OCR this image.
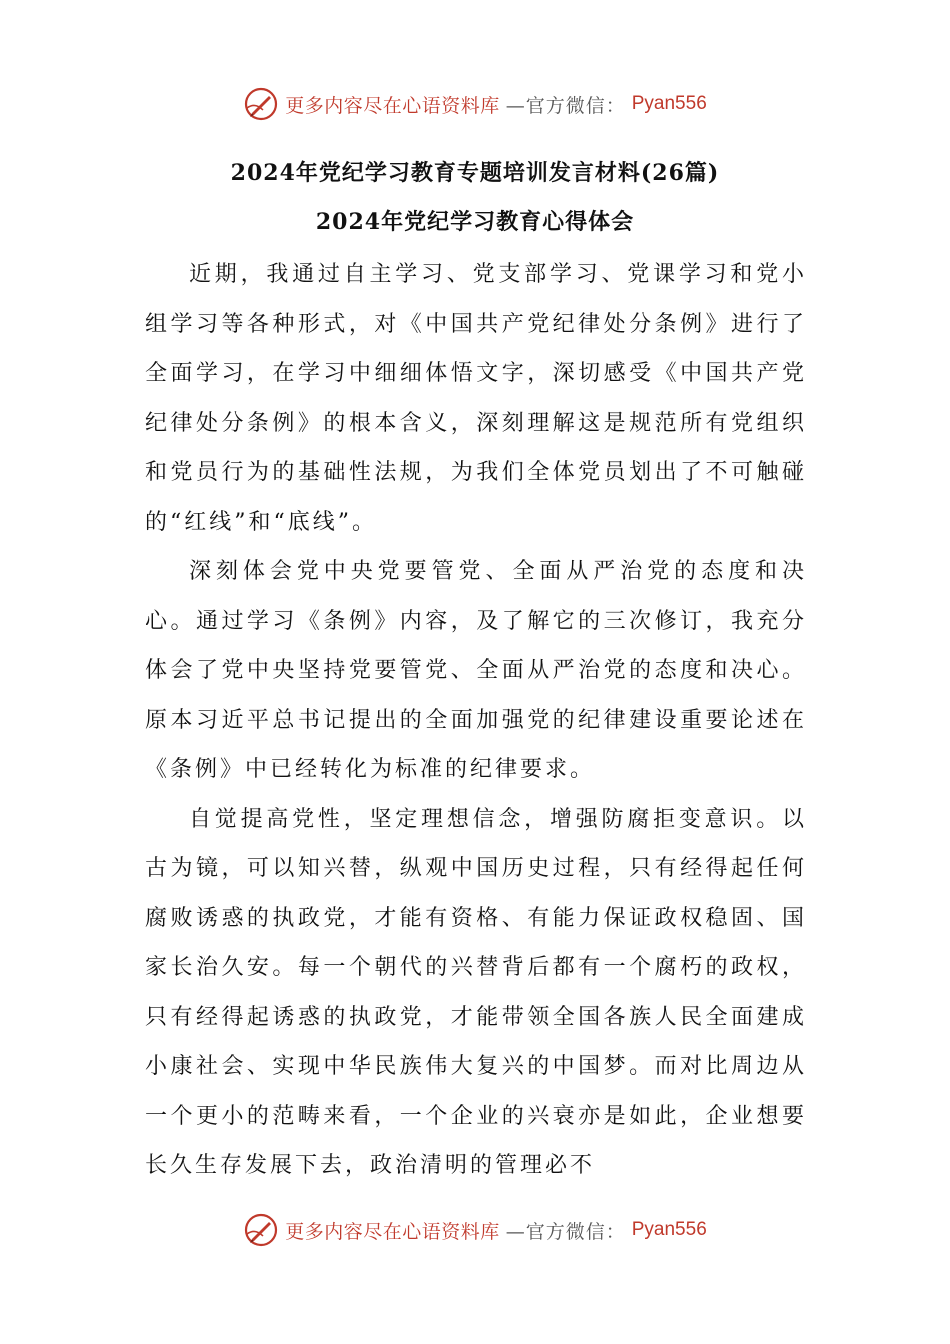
更多内容尽在心语资料库 —官方微信： Pyan556
2024年党纪学习教育专题培训发言材料(26篇)
2024年党纪学习教育心得体会

近期，我通过自主学习、党支部学习、党课学习和党小组学习等各种形式，对《中国共产党纪律处分条例》进行了全面学习，在学习中细细体悟文字，深切感受《中国共产党纪律处分条例》的根本含义，深刻理解这是规范所有党组织和党员行为的基础性法规，为我们全体党员划出了不可触碰的“红线”和“底线”。

深刻体会党中央党要管党、全面从严治党的态度和决心。通过学习《条例》内容，及了解它的三次修订，我充分体会了党中央坚持党要管党、全面从严治党的态度和决心。原本习近平总书记提出的全面加强党的纪律建设重要论述在《条例》中已经转化为标准的纪律要求。

自觉提高党性，坚定理想信念，增强防腐拒变意识。以古为镜，可以知兴替，纵观中国历史过程，只有经得起任何腐败诱惑的执政党，才能有资格、有能力保证政权稳固、国家长治久安。每一个朝代的兴替背后都有一个腐朽的政权，只有经得起诱惑的执政党，才能带领全国各族人民全面建成小康社会、实现中华民族伟大复兴的中国梦。而对比周边从一个更小的范畴来看，一个企业的兴衰亦是如此，企业想要长久生存发展下去，政治清明的管理必不

更多内容尽在心语资料库 —官方微信： Pyan556
